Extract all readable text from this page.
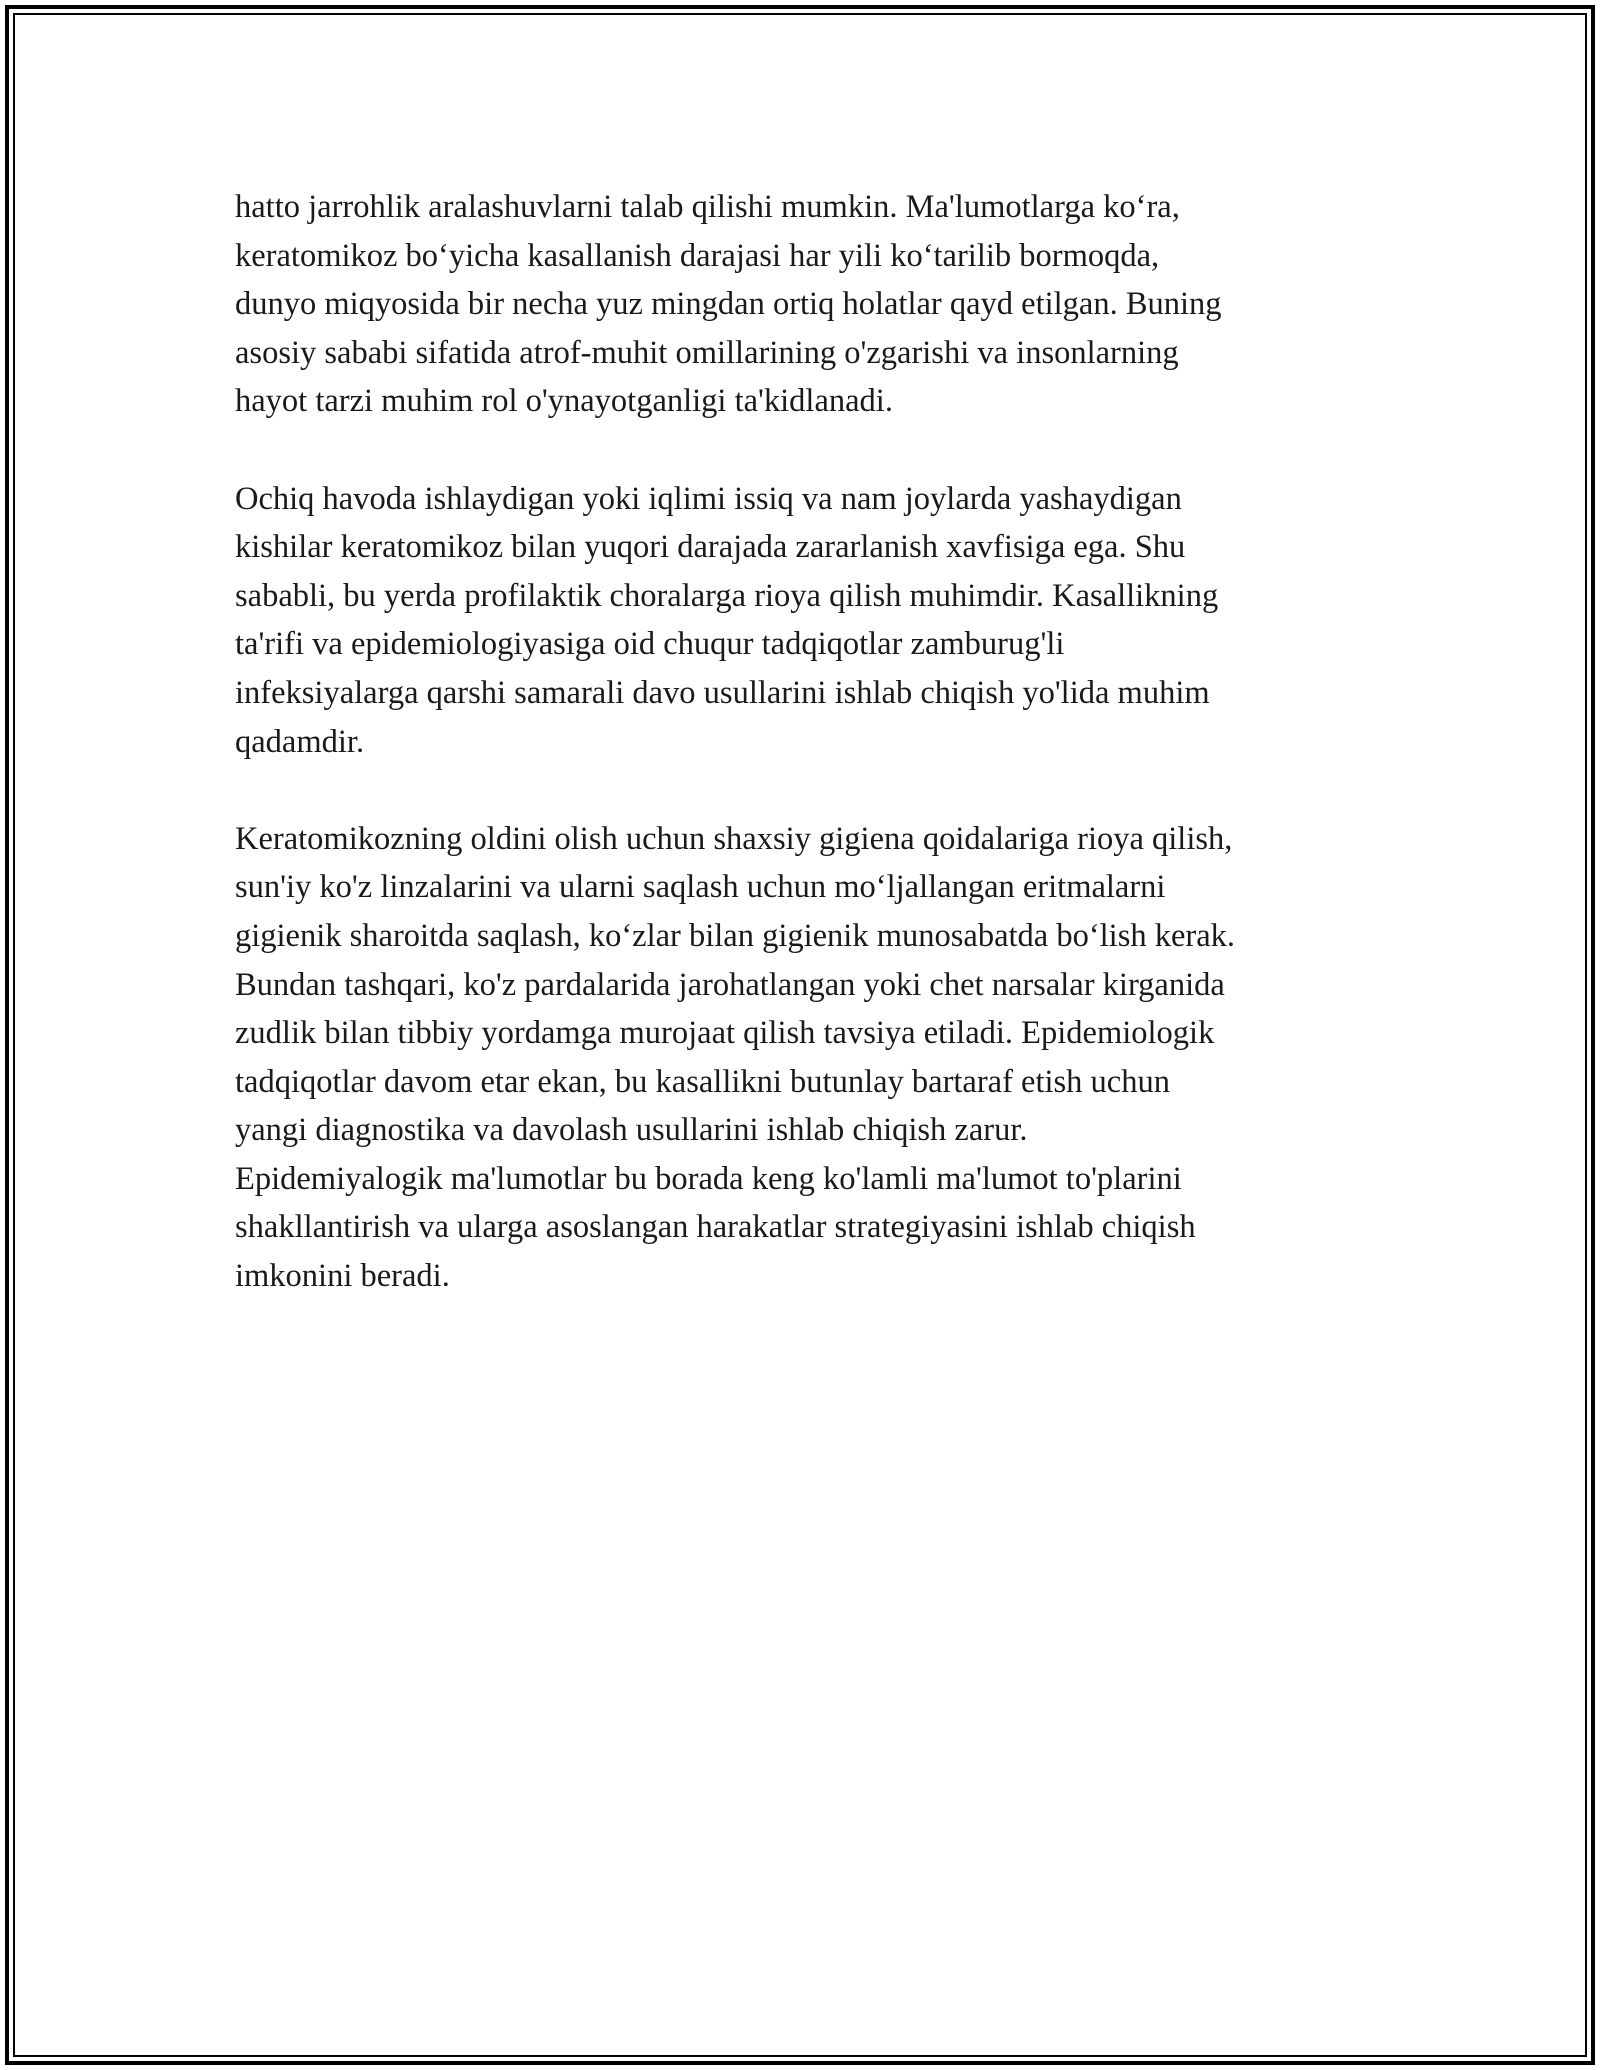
hatto jarrohlik aralashuvlarni talab qilishi mumkin. Ma'lumotlarga ko‘ra,
keratomikoz bo‘yicha kasallanish darajasi har yili ko‘tarilib bormoqda,
dunyo miqyosida bir necha yuz mingdan ortiq holatlar qayd etilgan. Buning
asosiy sababi sifatida atrof-muhit omillarining o'zgarishi va insonlarning
hayot tarzi muhim rol o'ynayotganligi ta'kidlanadi.

Ochiq havoda ishlaydigan yoki iqlimi issiq va nam joylarda yashaydigan
kishilar keratomikoz bilan yuqori darajada zararlanish xavfisiga ega. Shu
sababli, bu yerda profilaktik choralarga rioya qilish muhimdir. Kasallikning
ta'rifi va epidemiologiyasiga oid chuqur tadqiqotlar zamburug'li
infeksiyalarga qarshi samarali davo usullarini ishlab chiqish yo'lida muhim
qadamdir.

Keratomikozning oldini olish uchun shaxsiy gigiena qoidalariga rioya qilish,
sun'iy ko'z linzalarini va ularni saqlash uchun mo‘ljallangan eritmalarni
gigienik sharoitda saqlash, ko‘zlar bilan gigienik munosabatda bo‘lish kerak.
Bundan tashqari, ko'z pardalarida jarohatlangan yoki chet narsalar kirganida
zudlik bilan tibbiy yordamga murojaat qilish tavsiya etiladi. Epidemiologik
tadqiqotlar davom etar ekan, bu kasallikni butunlay bartaraf etish uchun
yangi diagnostika va davolash usullarini ishlab chiqish zarur.
Epidemiyalogik ma'lumotlar bu borada keng ko'lamli ma'lumot to'plarini
shakllantirish va ularga asoslangan harakatlar strategiyasini ishlab chiqish
imkonini beradi.
